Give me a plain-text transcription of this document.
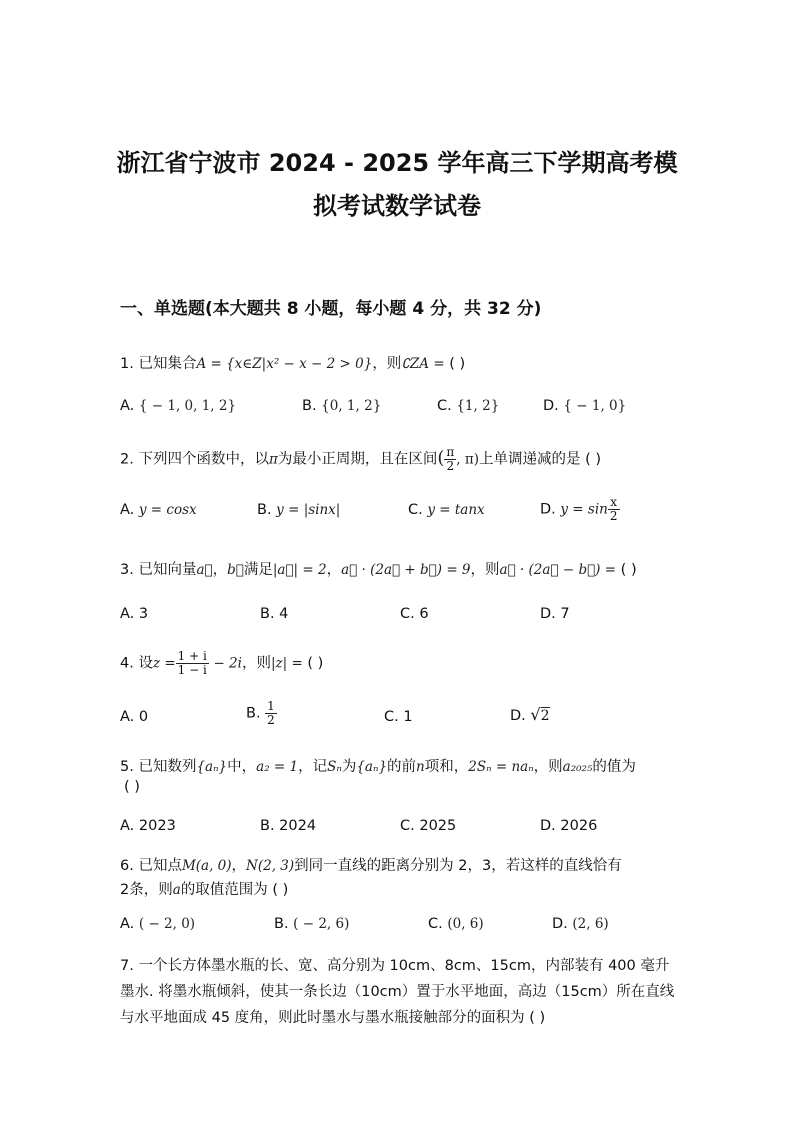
浙江省宁波市 2024 - 2025 学年高三下学期高考模
拟考试数学试卷
一、单选题(本大题共 8 小题，每小题 4 分，共 32 分)
1. 已知集合A = {x∈Z|x² − x − 2 > 0}，则∁ZA = ( )
A. { − 1, 0, 1, 2}	B. {0, 1, 2}	C. {1, 2}	D. { − 1, 0}
2. 下列四个函数中，以π为最小正周期，且在区间( $\frac{\pi}{2}$ , π)上单调递减的是 ( )
A. y = cosx	B. y = |sinx|	C. y = tanx	D. $y = \sin \frac{x}{2}$
3. 已知向量a⃗，b⃗满足|a⃗| = 2，a⃗ · (2a⃗ + b⃗) = 9，则a⃗ · (2a⃗ − b⃗) = ( )
A. 3	B. 4	C. 6	D. 7
4. 设$z = \frac{1 + i}{1 - i} - 2i$，则|z| = ( )
A. 0	B. $\frac{1}{2}$	C. 1	D. √2
5. 已知数列{aₙ}中，a₂ = 1，记Sₙ为{aₙ}的前n项和，2Sₙ = naₙ，则a₂₀₂₅的值为
( )
A. 2023	B. 2024	C. 2025	D. 2026
6. 已知点M(a, 0)，N(2, 3)到同一直线的距离分别为 2，3，若这样的直线恰有
2条，则a的取值范围为 ( )
A. ( − 2, 0)	B. ( − 2, 6)	C. (0, 6)	D. (2, 6)
7. 一个长方体墨水瓶的长、宽、高分别为 10cm、8cm、15cm，内部装有 400 毫升墨水. 将墨水瓶倾斜，使其一条长边（10cm）置于水平地面，高边（15cm）所在直线与水平地面成 45 度角，则此时墨水与墨水瓶接触部分的面积为 ( )
